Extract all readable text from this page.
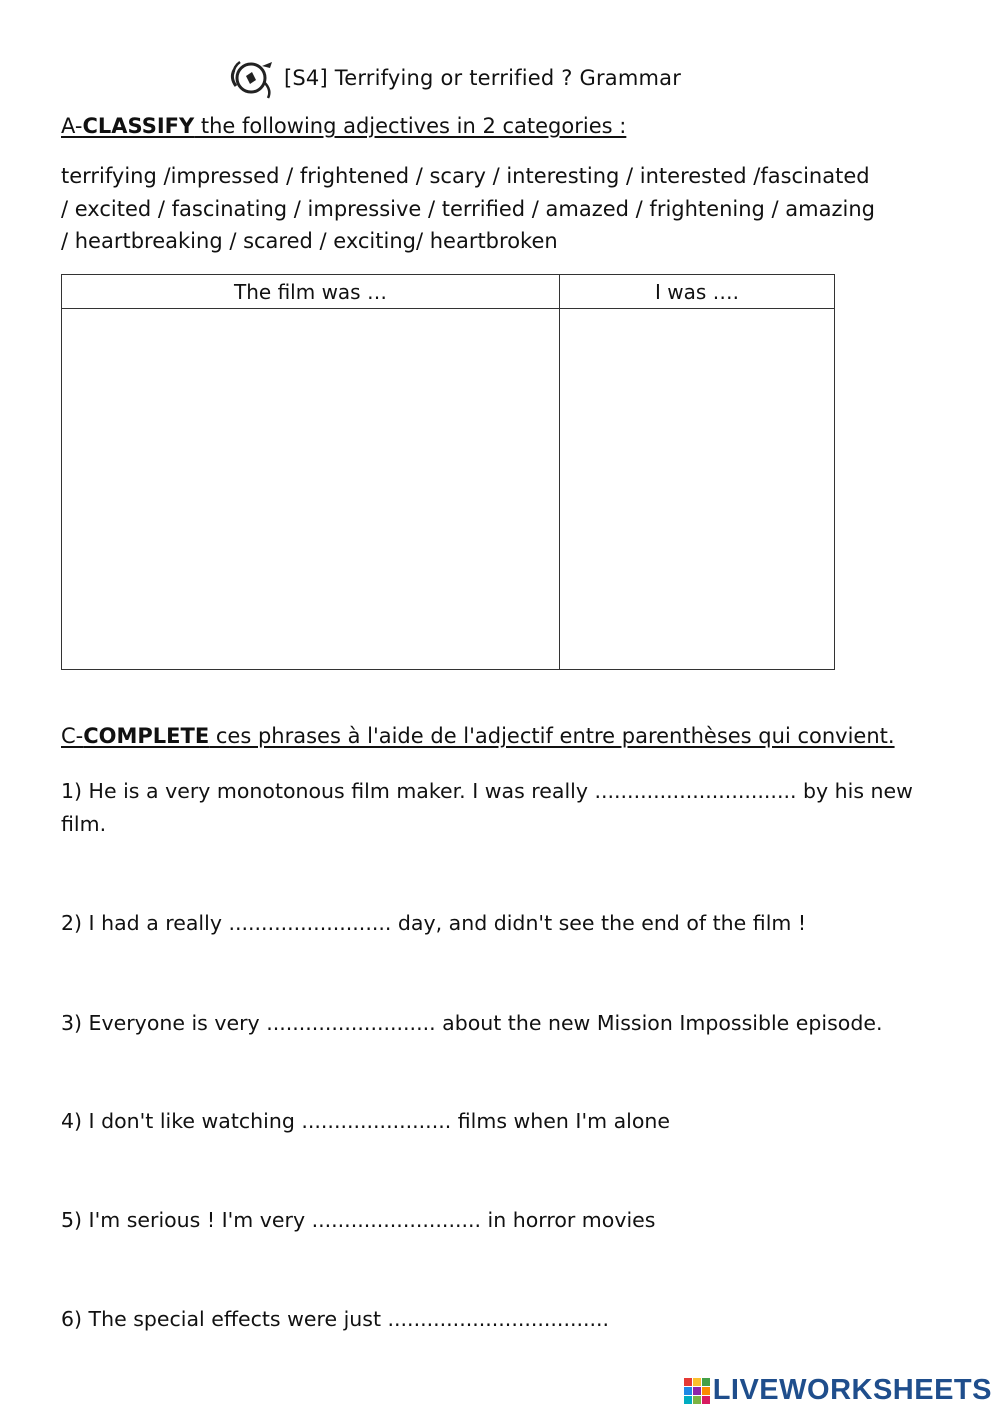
[S4] Terrifying or terrified ? Grammar
A-CLASSIFY the following adjectives in 2 categories :
terrifying /impressed / frightened / scary / interesting / interested /fascinated
/ excited / fascinating / impressive / terrified / amazed / frightening / amazing
/ heartbreaking / scared / exciting/ heartbroken
The film was …	I was ….

C-COMPLETE ces phrases à l'aide de l'adjectif entre parenthèses qui convient.
1) He is a very monotonous film maker. I was really ............................... by his new film.
2) I had a really ......................... day, and didn't see the end of the film !
3) Everyone is very .......................... about the new Mission Impossible episode.
4) I don't like watching ....................... films when I'm alone
5) I'm serious ! I'm very .......................... in horror movies
6) The special effects were just ..................................
LIVEWORKSHEETS
